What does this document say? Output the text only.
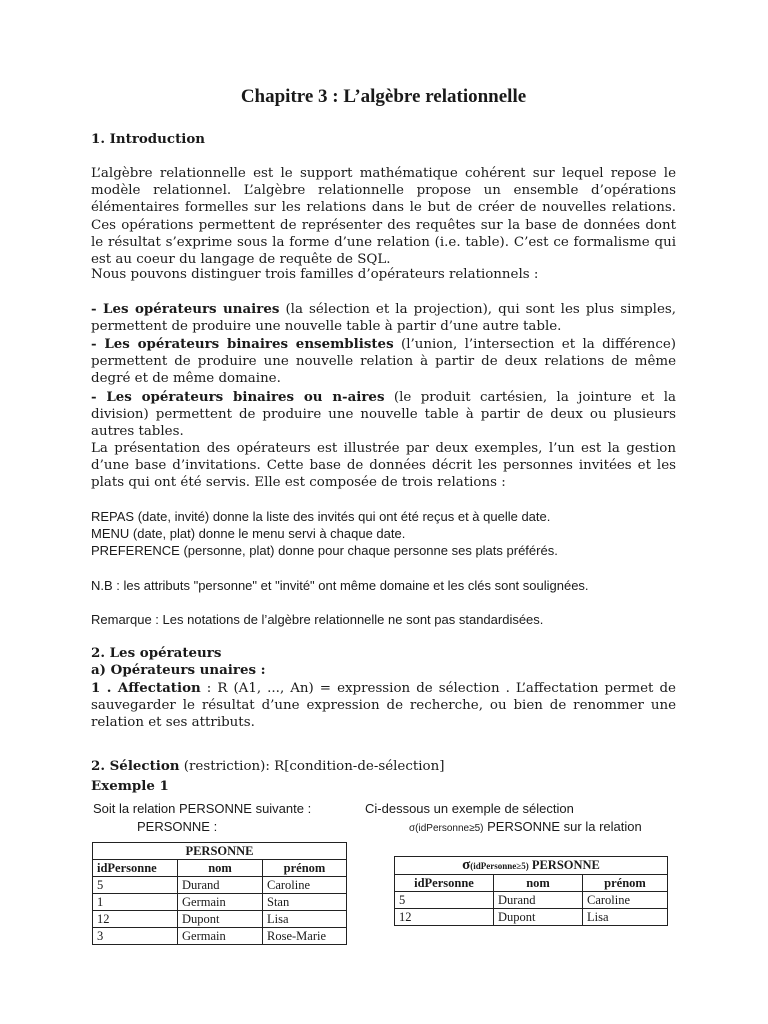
Chapitre 3 : L’algèbre relationnelle
1. Introduction
L’algèbre relationnelle est le support mathématique cohérent sur lequel repose le modèle relationnel. L’algèbre relationnelle propose un ensemble d’opérations élémentaires formelles sur les relations dans le but de créer de nouvelles relations. Ces opérations permettent de représenter des requêtes sur la base de données dont le résultat s’exprime sous la forme d’une relation (i.e. table). C’est ce formalisme qui est au coeur du langage de requête de SQL.
Nous pouvons distinguer trois familles d’opérateurs relationnels :
- Les opérateurs unaires (la sélection et la projection), qui sont les plus simples, permettent de produire une nouvelle table à partir d’une autre table.
- Les opérateurs binaires ensemblistes (l’union, l’intersection et la différence) permettent de produire une nouvelle relation à partir de deux relations de même degré et de même domaine.
- Les opérateurs binaires ou n-aires (le produit cartésien, la jointure et la division) permettent de produire une nouvelle table à partir de deux ou plusieurs autres tables.
La présentation des opérateurs est illustrée par deux exemples, l’un est la gestion d’une base d’invitations. Cette base de données décrit les personnes invitées et les plats qui ont été servis. Elle est composée de trois relations :
REPAS (date, invité) donne la liste des invités qui ont été reçus et à quelle date.
MENU (date, plat) donne le menu servi à chaque date.
PREFERENCE (personne, plat) donne pour chaque personne ses plats préférés.
N.B : les attributs "personne" et "invité" ont même domaine et les clés sont soulignées.
Remarque : Les notations de l’algèbre relationnelle ne sont pas standardisées.
2. Les opérateurs
a) Opérateurs unaires :
1 . Affectation : R (A1, ..., An) = expression de sélection . L’affectation permet de sauvegarder le résultat d’une expression de recherche, ou bien de renommer une relation et ses attributs.
2. Sélection (restriction): R[condition-de-sélection]
Exemple 1
Soit la relation PERSONNE suivante :
PERSONNE :
Ci-dessous un exemple de sélection
σ(idPersonne≥5) PERSONNE sur la relation
PERSONNE		
idPersonne	nom	prénom
5	Durand	Caroline
1	Germain	Stan
12	Dupont	Lisa
3	Germain	Rose-Marie
σ(idPersonne≥5) PERSONNE		
idPersonne	nom	prénom
5	Durand	Caroline
12	Dupont	Lisa
